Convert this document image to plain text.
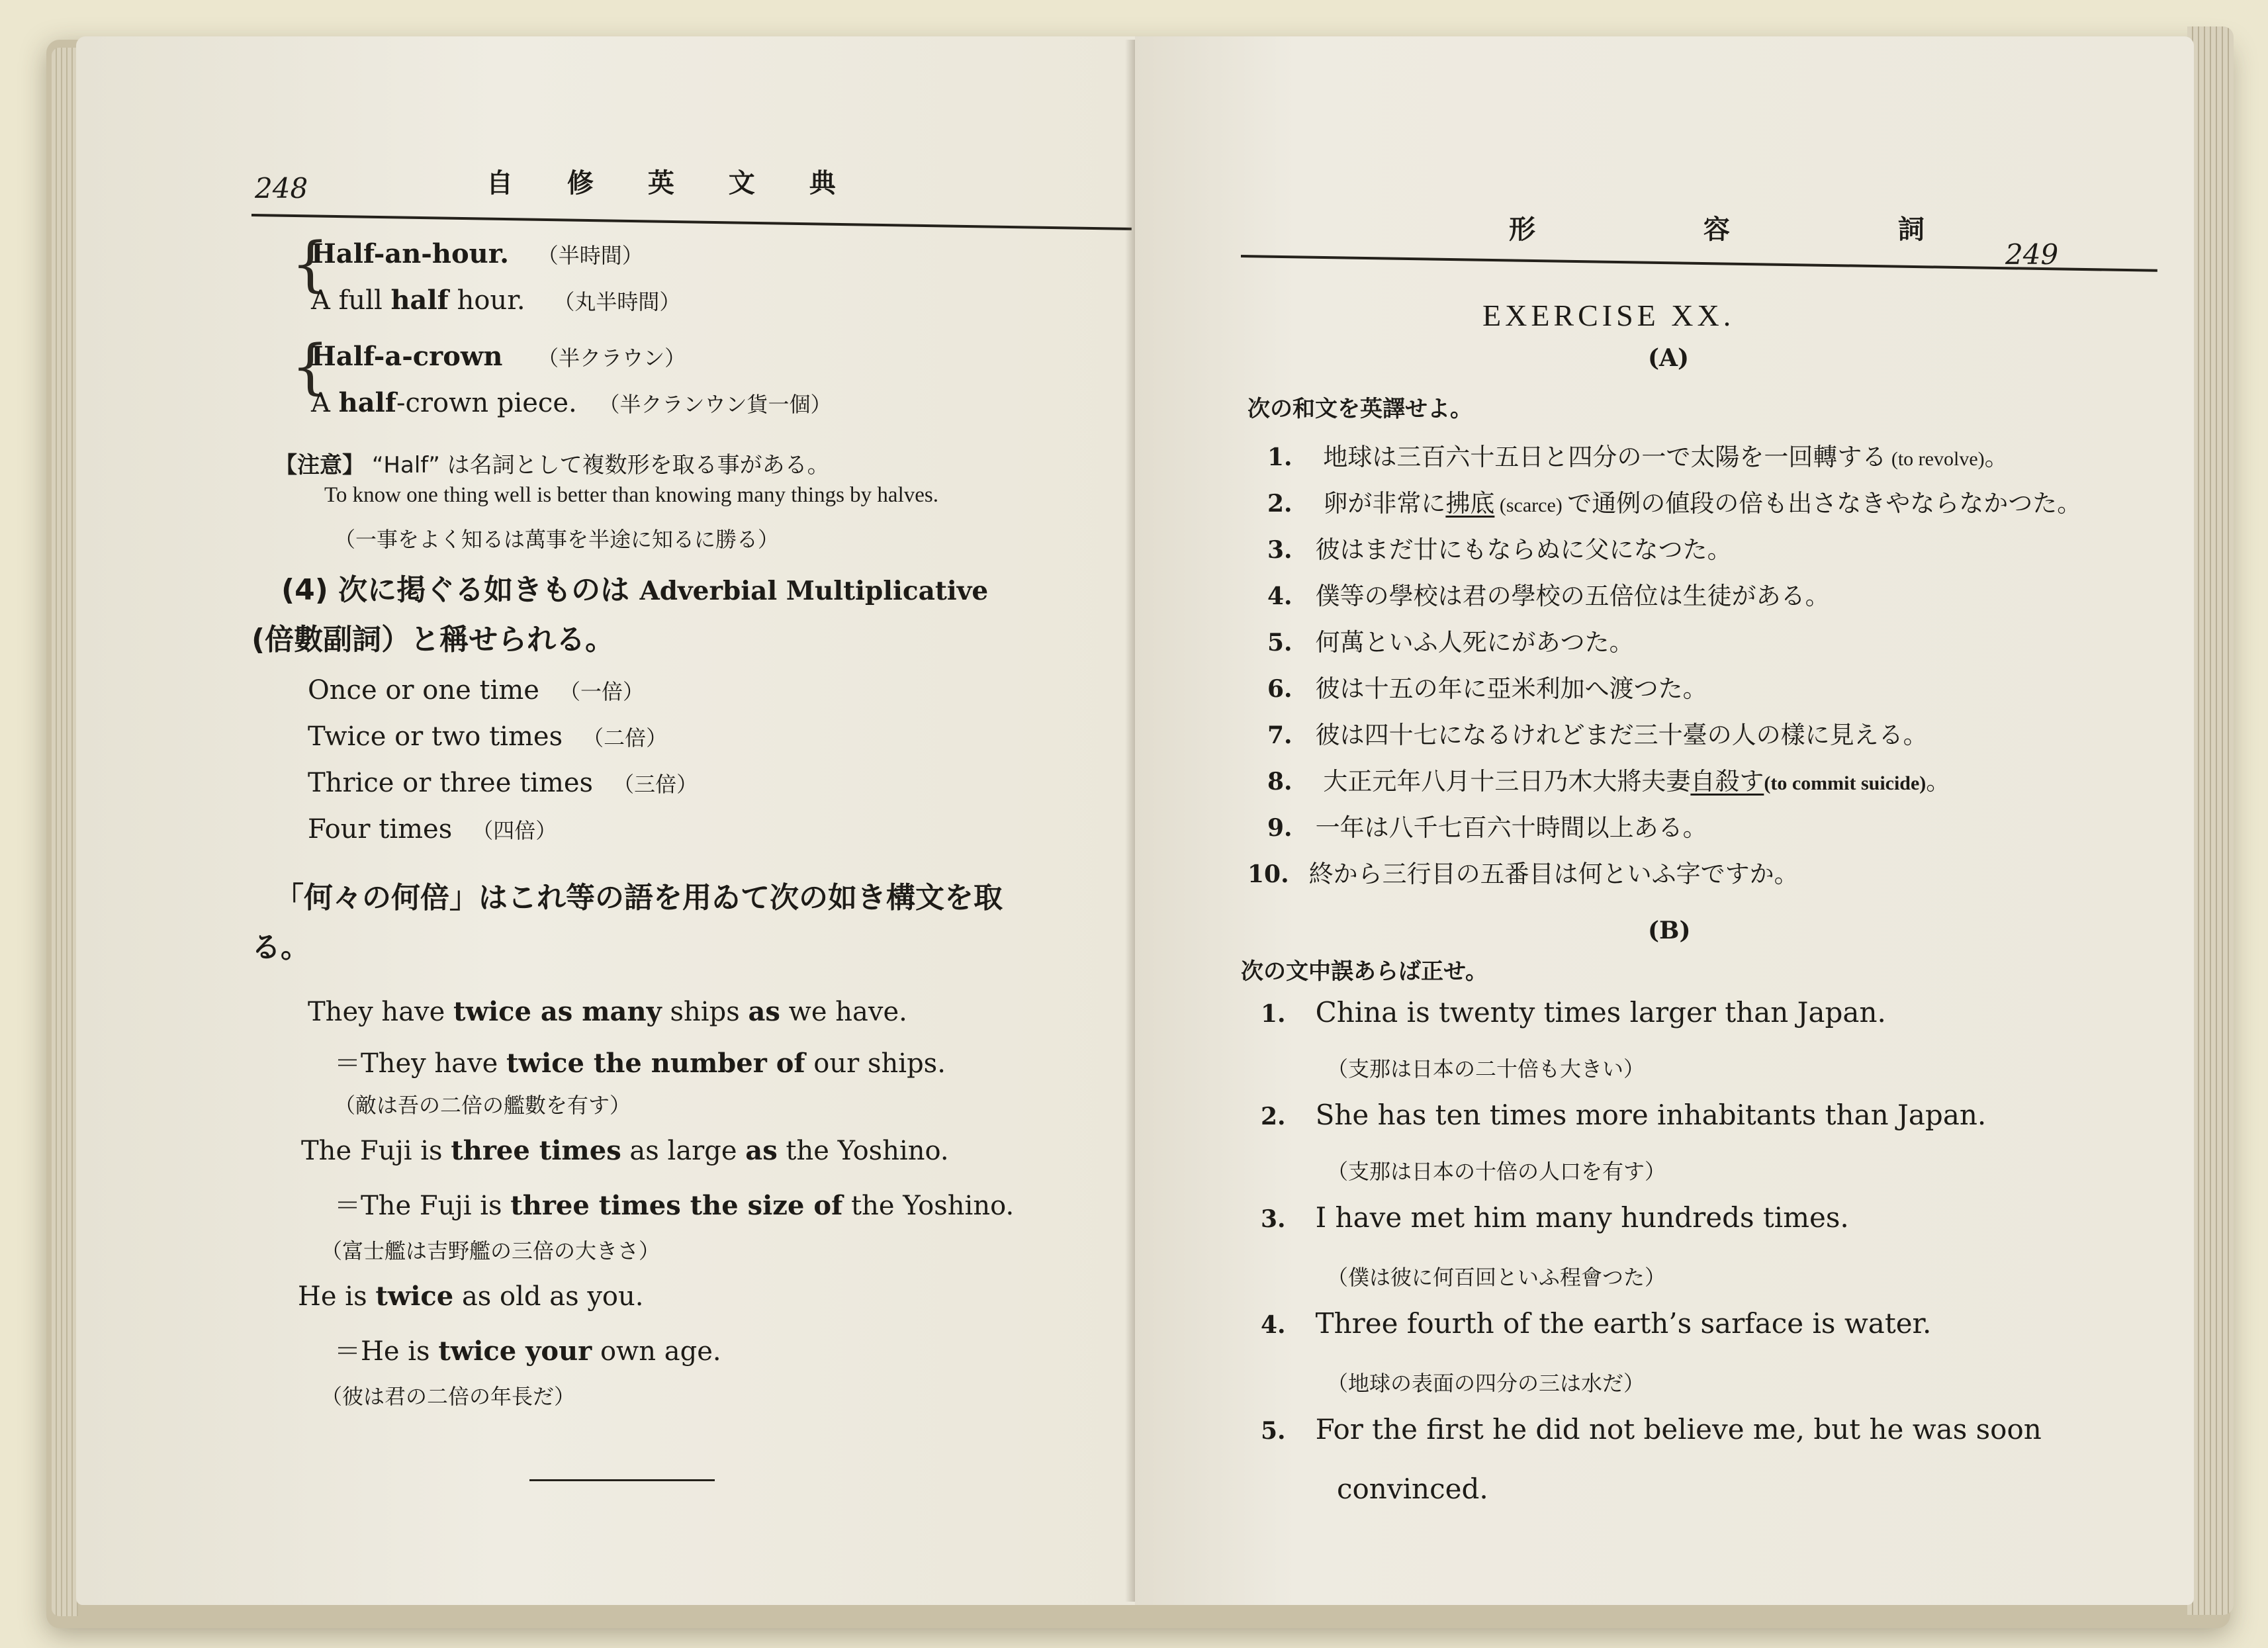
248	自 修 英 文 典
{
Half-an-hour. （半時間）
A full half hour. （丸半時間）
{
Half-a-crown （半クラウン）
A half-crown piece. （半クランウン貨一個）
【注意】 “Half” は名詞として複数形を取る事がある。
To know one thing well is better than knowing many things by halves.
（一事をよく知るは萬事を半途に知るに勝る）
(4) 次に掲ぐる如きものは Adverbial Multiplicative
(倍數副詞）と稱せられる。
Once or one time （一倍）
Twice or two times （二倍）
Thrice or three times （三倍）
Four times （四倍）
「何々の何倍」はこれ等の語を用ゐて次の如き構文を取
る。
They have twice as many ships as we have.
＝They have twice the number of our ships.
（敵は吾の二倍の艦數を有す）
The Fuji is three times as large as the Yoshino.
＝The Fuji is three times the size of the Yoshino.
（富士艦は吉野艦の三倍の大きさ）
He is twice as old as you.
＝He is twice your own age.
（彼は君の二倍の年長だ）
形 容 詞
249
EXERCISE XX.
(A)
次の和文を英譯せよ。
1. 地球は三百六十五日と四分の一で太陽を一回轉する (to revolve)。
2. 卵が非常に拂底 (scarce) で通例の値段の倍も出さなきやならなかつた。
3. 彼はまだ廿にもならぬに父になつた。
4. 僕等の學校は君の學校の五倍位は生徒がある。
5. 何萬といふ人死にがあつた。
6. 彼は十五の年に亞米利加へ渡つた。
7. 彼は四十七になるけれどまだ三十臺の人の樣に見える。
8. 大正元年八月十三日乃木大將夫妻自殺す(to commit suicide)。
9. 一年は八千七百六十時間以上ある。
10. 終から三行目の五番目は何といふ字ですか。
(B)
次の文中誤あらば正せ。
1. China is twenty times larger than Japan.
（支那は日本の二十倍も大きい）
2. She has ten times more inhabitants than Japan.
（支那は日本の十倍の人口を有す）
3. I have met him many hundreds times.
（僕は彼に何百回といふ程會つた）
4. Three fourth of the earth’s sarface is water.
（地球の表面の四分の三は水だ）
5. For the first he did not believe me, but he was soon
convinced.
